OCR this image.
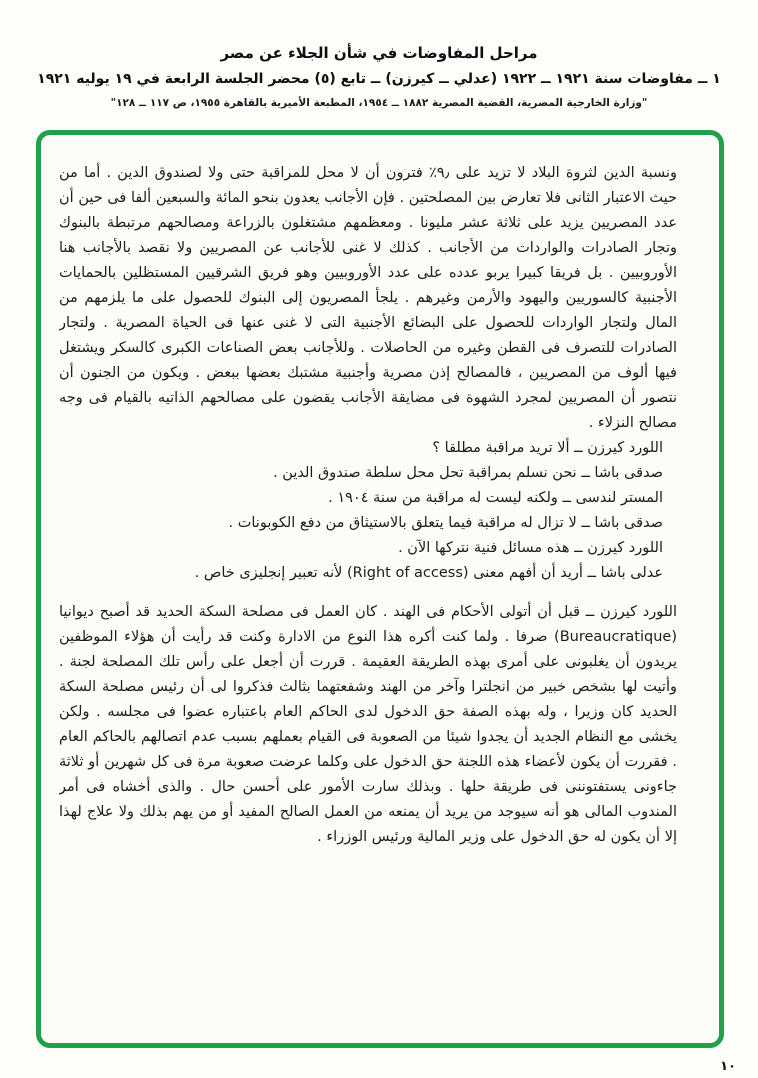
مراحل المفاوضات في شأن الجلاء عن مصر

١ ــ مفاوضات سنة ١٩٢١ ــ ١٩٢٢ (عدلي ــ كيرزن) ــ تابع (٥) محضر الجلسة الرابعة في ١٩ يوليه ١٩٢١

"وزارة الخارجية المصرية، القضية المصرية ١٨٨٢ ــ ١٩٥٤، المطبعة الأميرية بالقاهرة ١٩٥٥، ص ١١٧ ــ ١٢٨"

ونسبة الدين لثروة البلاد لا تزيد على ٩٫٪ فترون أن لا محل للمراقبة حتى ولا لصندوق الدين . أما من حيث الاعتبار الثانى فلا تعارض بين المصلحتين . فإن الأجانب يعدون بنحو المائة والسبعين ألفا فى حين أن عدد المصريين يزيد على ثلاثة عشر مليونا . ومعظمهم مشتغلون بالزراعة ومصالحهم مرتبطة بالبنوك وتجار الصادرات والواردات من الأجانب . كذلك لا غنى للأجانب عن المصريين ولا نقصد بالأجانب هنا الأوروبيين . بل فريقا كبيرا يربو عدده على عدد الأوروبيين وهو فريق الشرقيين المستظلين بالحمايات الأجنبية كالسوريين واليهود والأرمن وغيرهم . يلجأ المصريون إلى البنوك للحصول على ما يلزمهم من المال ولتجار الواردات للحصول على البضائع الأجنبية التى لا غنى عنها فى الحياة المصرية . ولتجار الصادرات للتصرف فى القطن وغيره من الحاصلات . وللأجانب بعض الصناعات الكبرى كالسكر ويشتغل فيها ألوف من المصريين ، فالمصالح إذن مصرية وأجنبية مشتبك بعضها ببعض . ويكون من الجنون أن نتصور أن المصريين لمجرد الشهوة فى مضايقة الأجانب يقضون على مصالحهم الذاتيه بالقيام فى وجه مصالح النزلاء .

اللورد كيرزن ــ ألا تريد مراقبة مطلقا ؟

صدقى باشا ــ نحن نسلم بمراقبة تحل محل سلطة صندوق الدين .

المستر لندسى ــ ولكنه ليست له مراقبة من سنة ١٩٠٤ .

صدقى باشا ــ لا تزال له مراقبة فيما يتعلق بالاستيثاق من دفع الكوبونات .

اللورد كيرزن ــ هذه مسائل فنية نتركها الآن .

عدلى باشا ــ أريد أن أفهم معنى (Right of access) لأنه تعبير إنجليزى خاص .

اللورد كيرزن ــ قبل أن أتولى الأحكام فى الهند . كان العمل فى مصلحة السكة الحديد قد أصبح ديوانيا (Bureaucratique) صرفا . ولما كنت أكره هذا النوع من الادارة وكنت قد رأيت أن هؤلاء الموظفين يريدون أن يغلبونى على أمرى بهذه الطريقة العقيمة . قررت أن أجعل على رأس تلك المصلحة لجنة . وأتيت لها بشخص خبير من انجلترا وآخر من الهند وشفعتهما بثالث فذكروا لى أن رئيس مصلحة السكة الحديد كان وزيرا ، وله بهذه الصفة حق الدخول لدى الحاكم العام باعتباره عضوا فى مجلسه . ولكن يخشى مع النظام الجديد أن يجدوا شيئا من الصعوبة فى القيام بعملهم بسبب عدم اتصالهم بالحاكم العام . فقررت أن يكون لأعضاء هذه اللجنة حق الدخول على وكلما عرضت صعوبة مرة فى كل شهرين أو ثلاثة جاءونى يستفتوننى فى طريقة حلها . وبذلك سارت الأمور على أحسن حال . والذى أخشاه فى أمر المندوب المالى هو أنه سيوجد من يريد أن يمنعه من العمل الصالح المفيد أو من يهم بذلك ولا علاج لهذا إلا أن يكون له حق الدخول على وزير المالية ورئيس الوزراء .

١٠
